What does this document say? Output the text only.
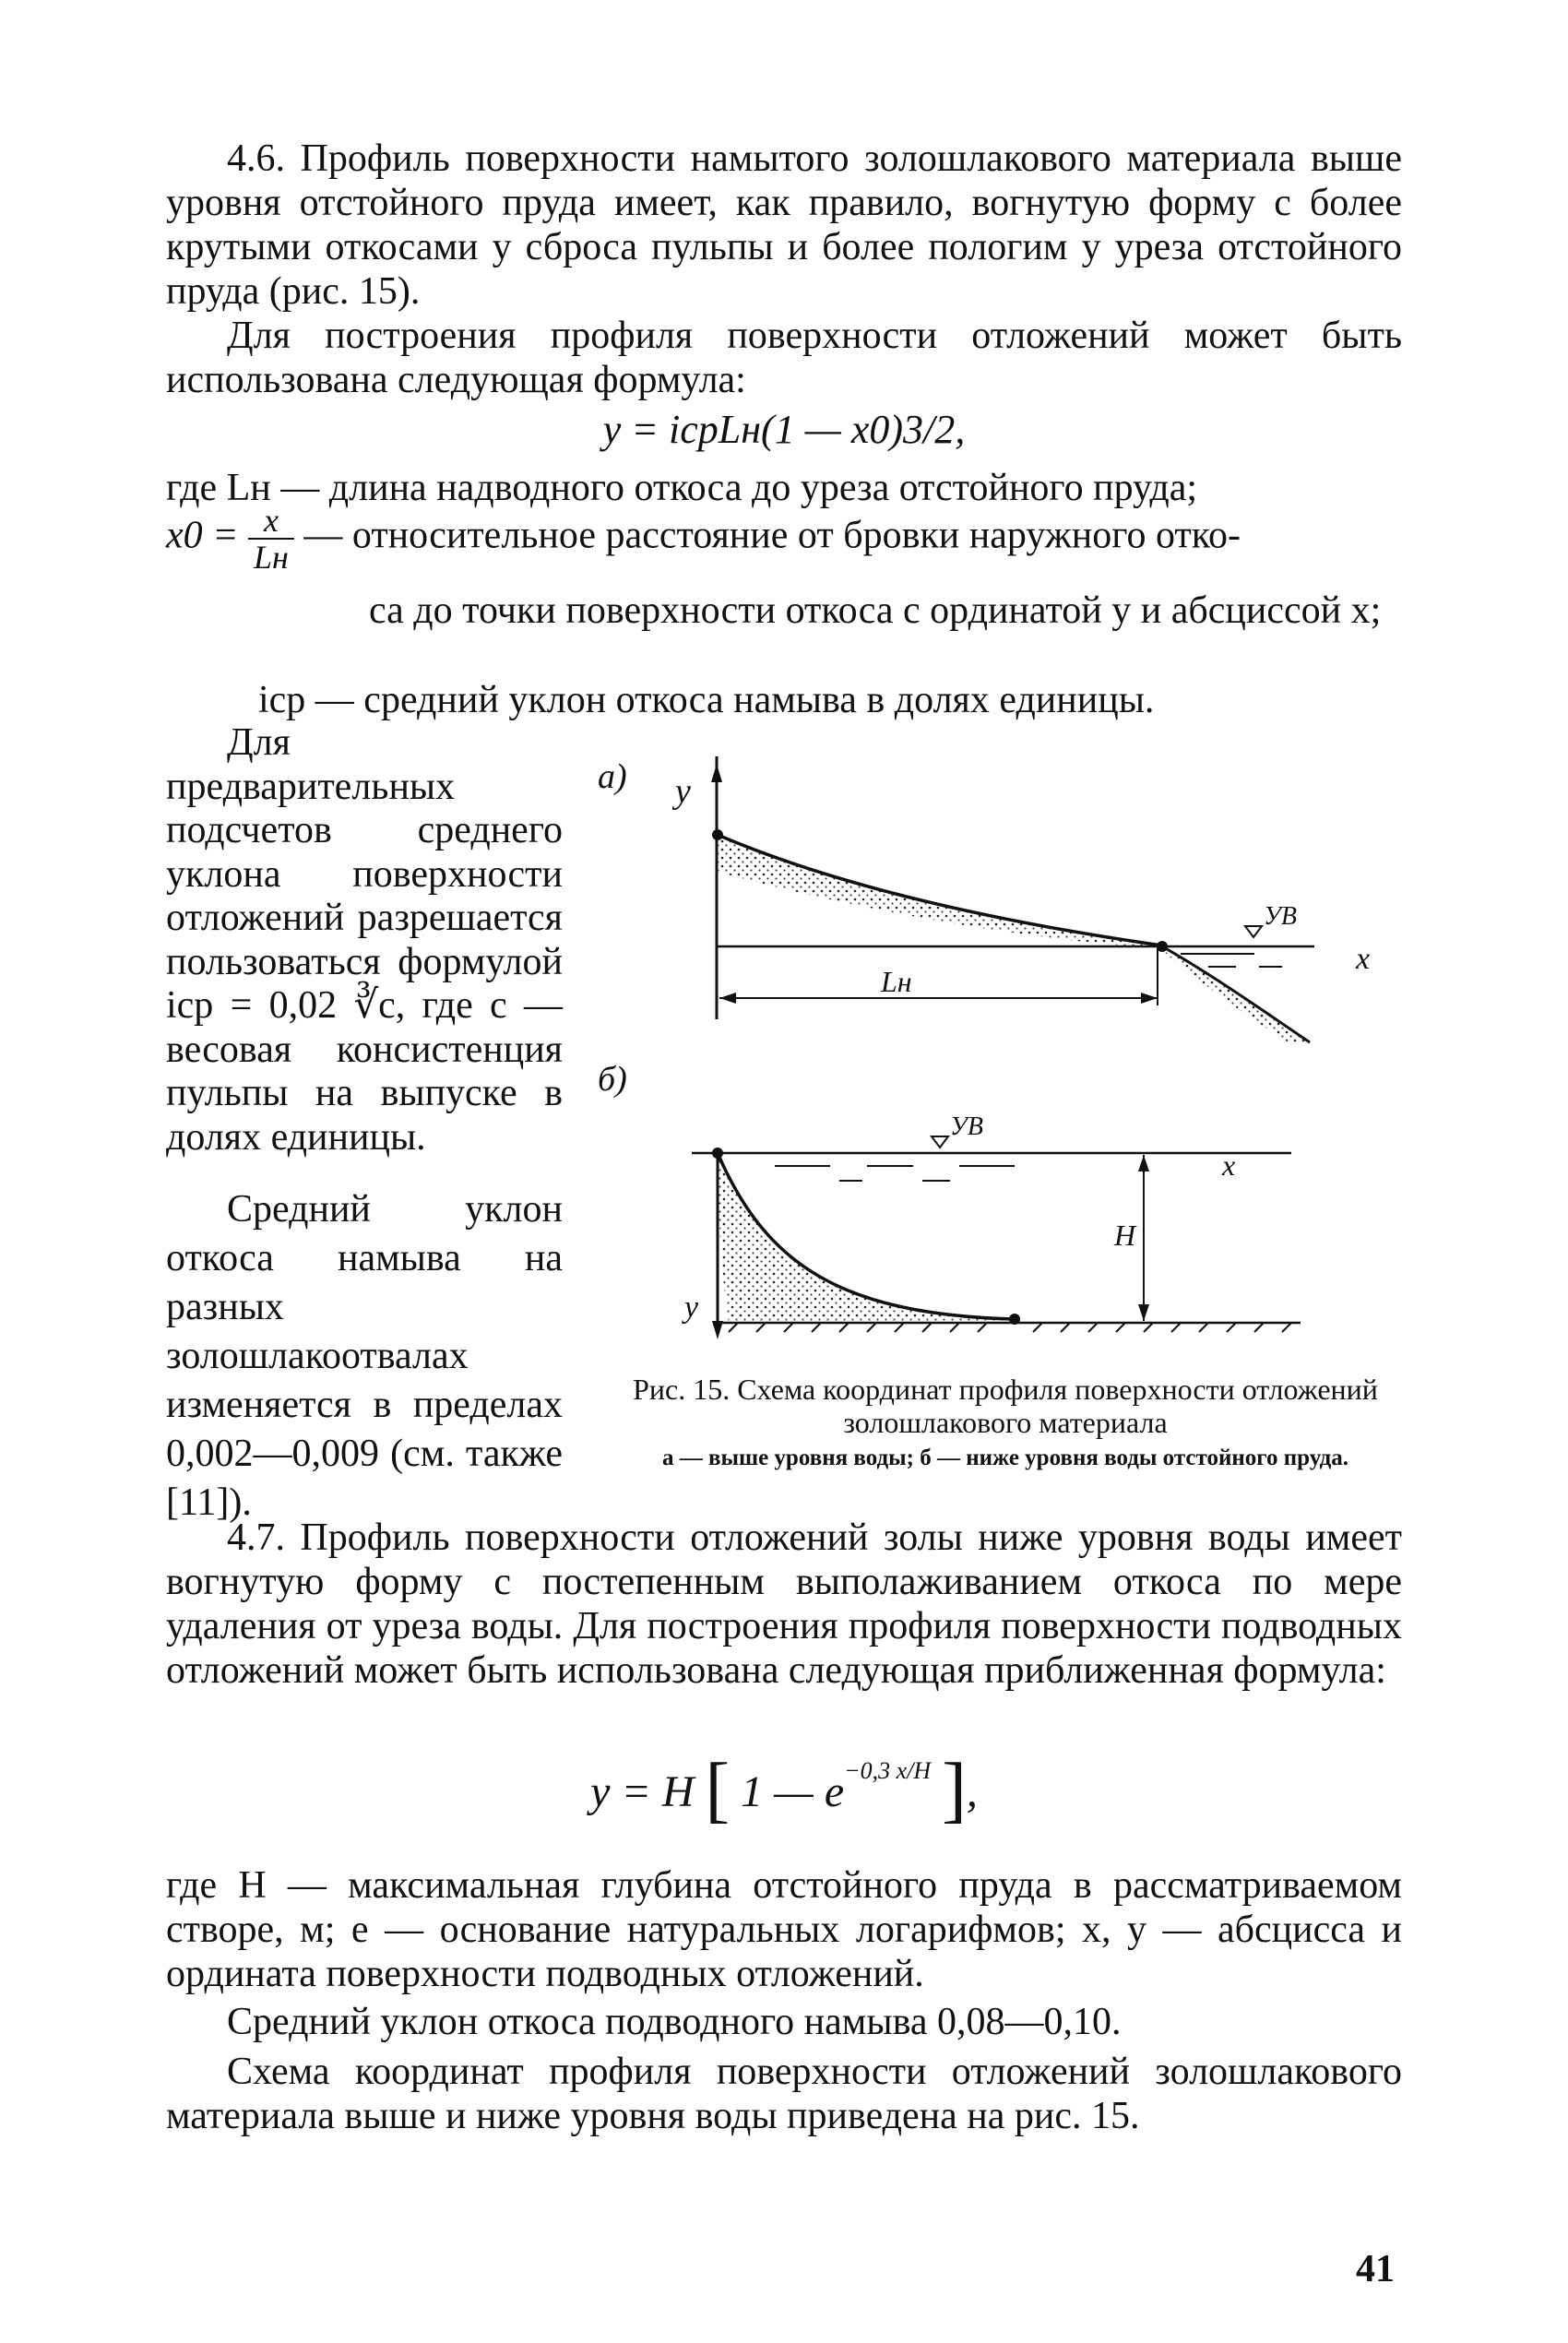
4.6. Профиль поверхности намытого золошлакового материала выше уровня отстойного пруда имеет, как правило, вогнутую форму с более крутыми откосами у сброса пульпы и более пологим у уреза отстойного пруда (рис. 15).

Для построения профиля поверхности отложений может быть использована следующая формула:

y = iсрLн(1 — x0)3/2,
где Lн — длина надводного откоса до уреза отстойного пруда;
$x0 = \frac{x}{Lн}$ — относительное расстояние от бровки наружного отко-
са до точки поверхности откоса с ординатой y и абсциссой x;
iср — средний уклон откоса намыва в долях единицы.

Для предварительных подсчетов среднего уклона поверхности отложений разрешается пользоваться формулой iср = 0,02 ∛c, где c — весовая консистенция пульпы на выпуске в долях единицы.

Средний уклон откоса намыва на разных золошлакоотвалах изменяется в пределах 0,002—0,009 (см. также [11]).

а) y
УВ
x
Lн
б)
УВ
x
y
H
Рис. 15. Схема координат профиля поверхности отложений золошлакового материала
а — выше уровня воды; б — ниже уровня воды отстойного пруда.

4.7. Профиль поверхности отложений золы ниже уровня воды имеет вогнутую форму с постепенным выполаживанием откоса по мере удаления от уреза воды. Для построения профиля поверхности подводных отложений может быть использована следующая приближенная формула:

y = H [ 1 — $e^{-0,3 x/H}$ ],

где H — максимальная глубина отстойного пруда в рассматриваемом створе, м; e — основание натуральных логарифмов; x, y — абсцисса и ордината поверхности подводных отложений.

Средний уклон откоса подводного намыва 0,08—0,10.

Схема координат профиля поверхности отложений золошлакового материала выше и ниже уровня воды приведена на рис. 15.

41
